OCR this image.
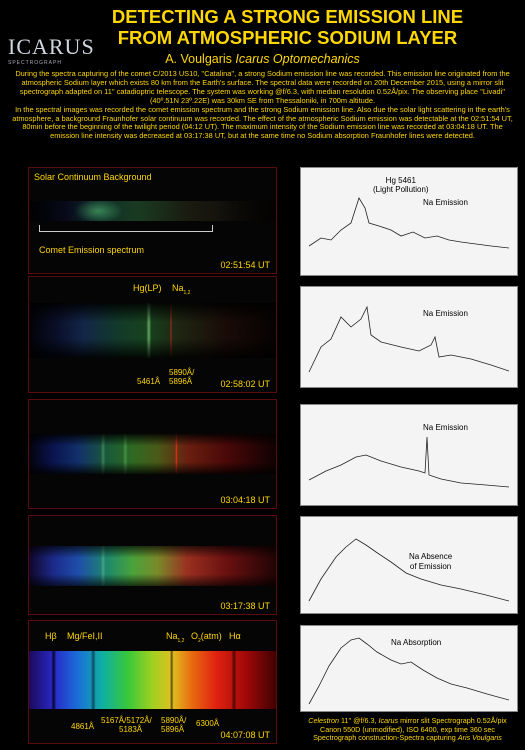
ICARUS
SPECTROGRAPH
DETECTING A STRONG EMISSION LINE
FROM ATMOSPHERIC SODIUM LAYER
A. Voulgaris Icarus Optomechanics
During the spectra capturing of the comet C/2013 US10, ''Catalina'', a strong Sodium emission line was recorded. This emission line originated from the atmospheric Sodium layer which exists 80 km from the Earth's surface. The spectral data were recorded on 20th December 2015, using a mirror slit spectrograph adapted on 11'' catadioptric telescope. The system was working @f/6.3, with median resolution 0.52Å/pix. The observing place ''Livadi'' (40º.51N 23º.22E) was 30km SE from Thessaloniki, in 700m altitude.
In the spectral images was recorded the comet emission spectrum and the strong Sodium emission line. Also due the solar light scattering in the earth's atmosphere, a background Fraunhofer solar continuum was recorded. The effect of the atmospheric Sodium emission was detectable at the 02:51:54 UT, 80min before the beginning of the twilight period (04:12 UT). The maximum intensity of the Sodium emission line was recorded at 03:04:18 UT. The emission line intensity was decreased at 03:17:38 UT, but at the same time no Sodium absorption Fraunhofer lines were detected.
Solar Continuum Background
Comet Emission spectrum
02:51:54 UT
Hg(LP) $Na_{1,2}$
5461Å
5890Å/
5896Å	02:58:02 UT
03:04:18 UT
03:17:38 UT
Hβ Mg/FeI,II	$Na_{1,2}$ $O_2(atm)$ Hα
4861Å
5167Å/5172Å/
5183Å
5890Å/
5896Å
6300Å
04:07:08 UT
Hg 5461
(Light Pollution)
Na Emission
Na Emission
Na Emission
Na Absence
of Emission
Na Absorption
Celestron 11'' @f/6.3, Icarus mirror slit Spectrograph 0.52Å/pix
Canon 550D (unmodified), ISO 6400, exp time 360 sec
Spectrograph construction-Spectra capturing Aris Voulgaris
